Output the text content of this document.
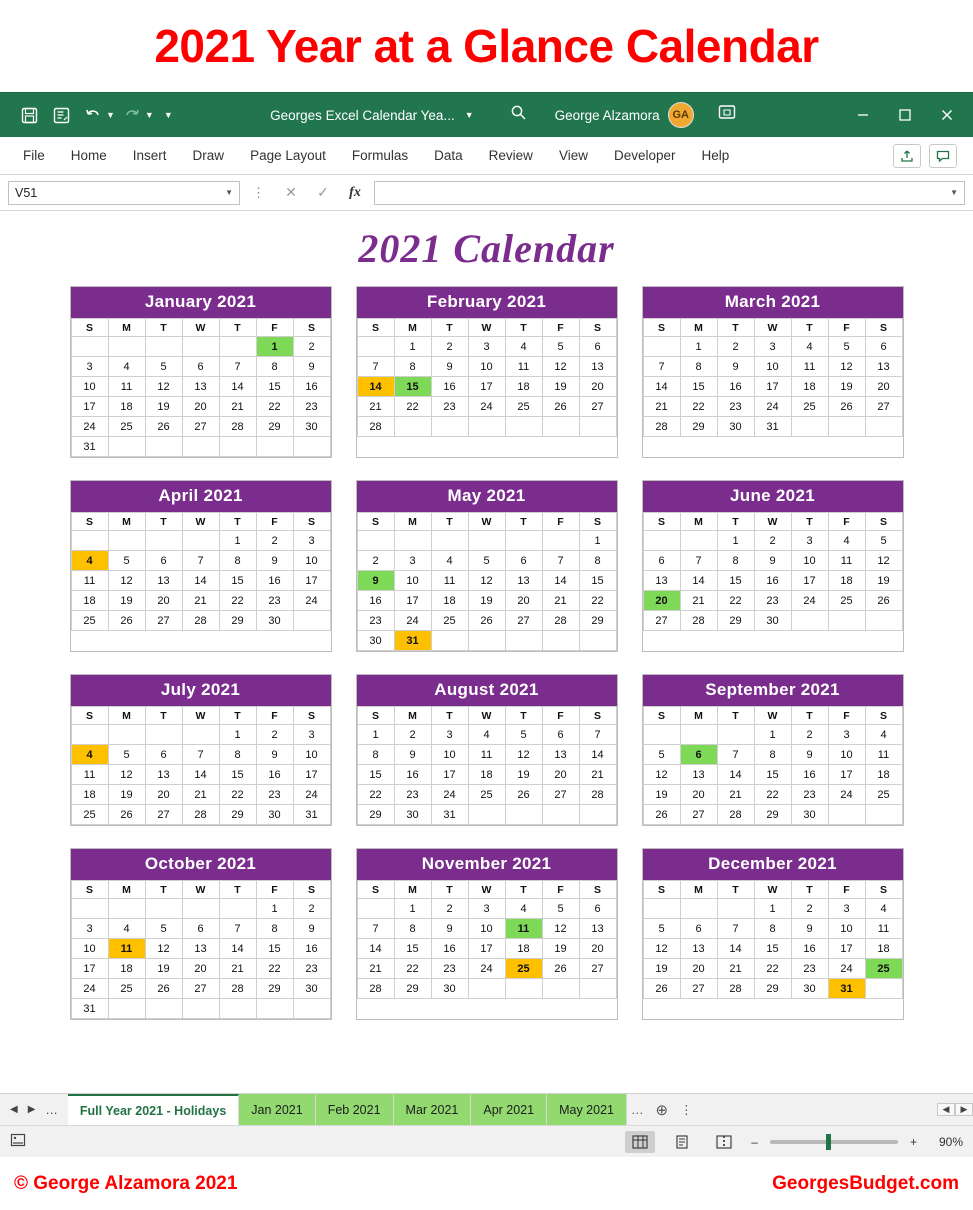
2021 Year at a Glance Calendar
▼	▼ ▼	Georges Excel Calendar Yea... ▼	George Alzamora	GA
File	Home	Insert	Draw	Page Layout	Formulas	Data	Review	View	Developer	Help
V51	▼	⋮	✕	✓	fx	▼
2021 Calendar
January 2021
S	M	T	W	T	F	S
					1	2
3	4	5	6	7	8	9
10	11	12	13	14	15	16
17	18	19	20	21	22	23
24	25	26	27	28	29	30
31						
February 2021
S	M	T	W	T	F	S
	1	2	3	4	5	6
7	8	9	10	11	12	13
14	15	16	17	18	19	20
21	22	23	24	25	26	27
28						
March 2021
S	M	T	W	T	F	S
	1	2	3	4	5	6
7	8	9	10	11	12	13
14	15	16	17	18	19	20
21	22	23	24	25	26	27
28	29	30	31			
April 2021
S	M	T	W	T	F	S
				1	2	3
4	5	6	7	8	9	10
11	12	13	14	15	16	17
18	19	20	21	22	23	24
25	26	27	28	29	30	
May 2021
S	M	T	W	T	F	S
						1
2	3	4	5	6	7	8
9	10	11	12	13	14	15
16	17	18	19	20	21	22
23	24	25	26	27	28	29
30	31					
June 2021
S	M	T	W	T	F	S
		1	2	3	4	5
6	7	8	9	10	11	12
13	14	15	16	17	18	19
20	21	22	23	24	25	26
27	28	29	30			
July 2021
S	M	T	W	T	F	S
				1	2	3
4	5	6	7	8	9	10
11	12	13	14	15	16	17
18	19	20	21	22	23	24
25	26	27	28	29	30	31
August 2021
S	M	T	W	T	F	S
1	2	3	4	5	6	7
8	9	10	11	12	13	14
15	16	17	18	19	20	21
22	23	24	25	26	27	28
29	30	31				
September 2021
S	M	T	W	T	F	S
			1	2	3	4
5	6	7	8	9	10	11
12	13	14	15	16	17	18
19	20	21	22	23	24	25
26	27	28	29	30		
October 2021
S	M	T	W	T	F	S
					1	2
3	4	5	6	7	8	9
10	11	12	13	14	15	16
17	18	19	20	21	22	23
24	25	26	27	28	29	30
31						
November 2021
S	M	T	W	T	F	S
	1	2	3	4	5	6
7	8	9	10	11	12	13
14	15	16	17	18	19	20
21	22	23	24	25	26	27
28	29	30				
December 2021
S	M	T	W	T	F	S
			1	2	3	4
5	6	7	8	9	10	11
12	13	14	15	16	17	18
19	20	21	22	23	24	25
26	27	28	29	30	31	
◀ ▶ …	Full Year 2021 - Holidays	Jan 2021	Feb 2021	Mar 2021	Apr 2021	May 2021	… ⊕ ⋮	◀	▶
–	+	90%
© George Alzamora 2021	GeorgesBudget.com
